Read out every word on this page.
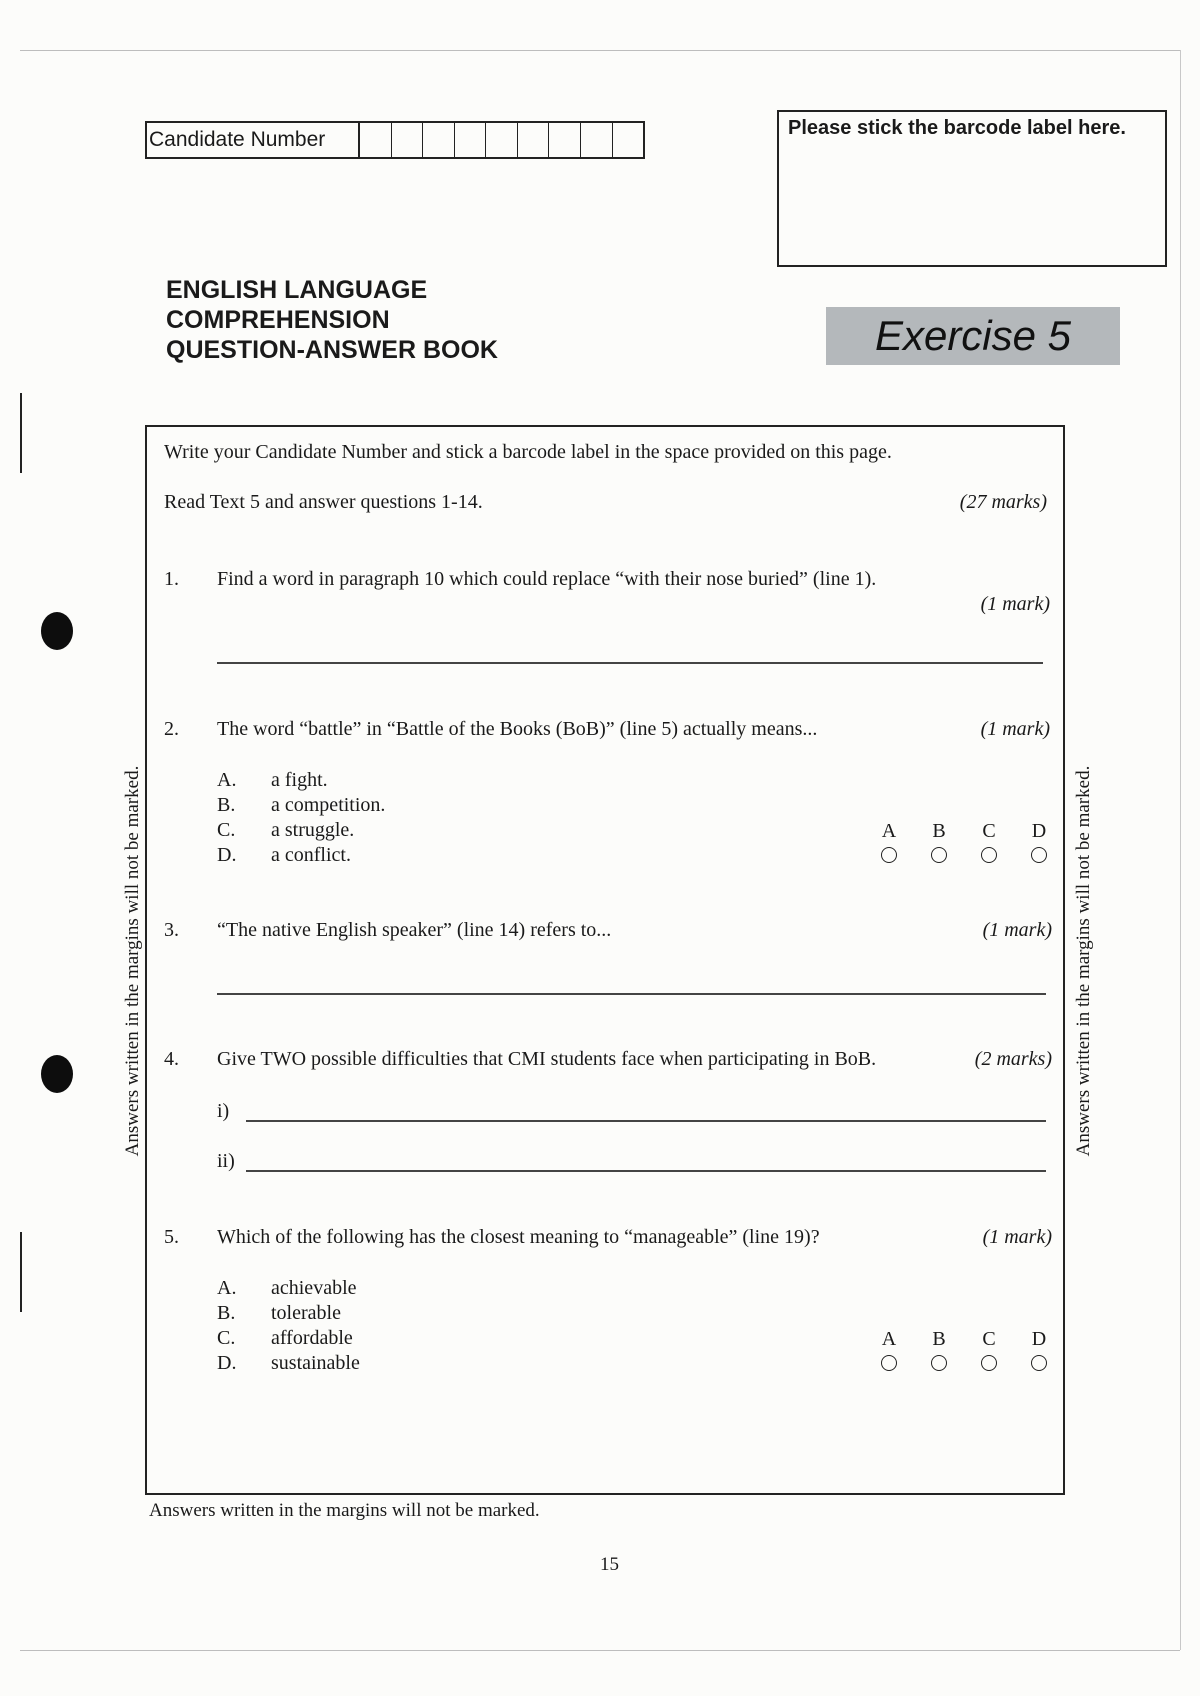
Candidate Number	Please stick the barcode label here.
ENGLISH LANGUAGE
COMPREHENSION
QUESTION-ANSWER BOOK	Exercise 5
Write your Candidate Number and stick a barcode label in the space provided on this page.
Read Text 5 and answer questions 1-14.	(27 marks)
1. Find a word in paragraph 10 which could replace “with their nose buried” (line 1).
(1 mark)
2. The word “battle” in “Battle of the Books (BoB)” (line 5) actually means...	(1 mark)
A.	a fight.
B.	a competition.
C.	a struggle.
D.	a conflict.
A B C D
3. “The native English speaker” (line 14) refers to...	(1 mark)
4. Give TWO possible difficulties that CMI students face when participating in BoB.	(2 marks)
i)
ii)
5. Which of the following has the closest meaning to “manageable” (line 19)?	(1 mark)
A.	achievable
B.	tolerable
C.	affordable
D.	sustainable
A B C D
Answers written in the margins will not be marked.	Answers written in the margins will not be marked.
Answers written in the margins will not be marked.
15
